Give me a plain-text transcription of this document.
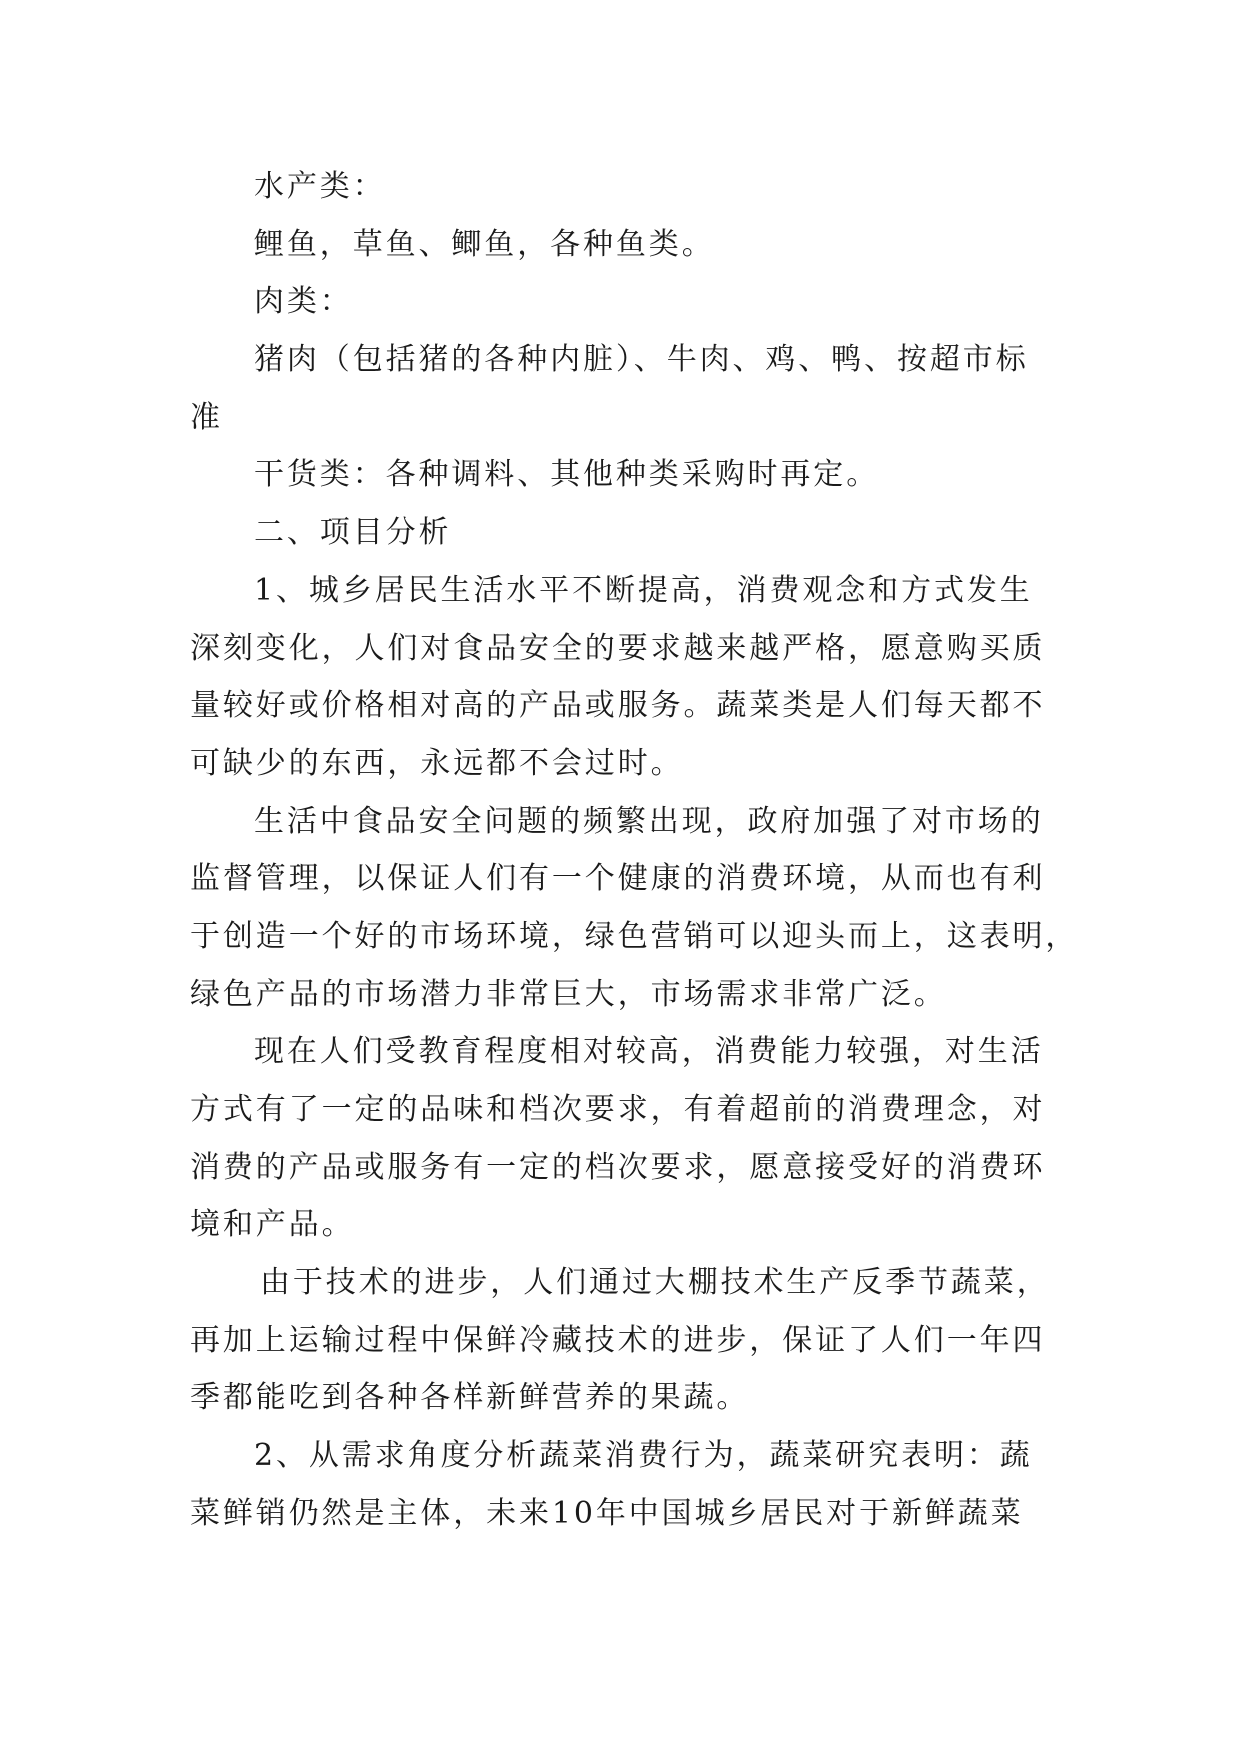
水产类：
鲤鱼，草鱼、鲫鱼，各种鱼类。
肉类：
猪肉（包括猪的各种内脏）、牛肉、鸡、鸭、按超市标
准
干货类：各种调料、其他种类采购时再定。
二、项目分析
1、城乡居民生活水平不断提高，消费观念和方式发生
深刻变化，人们对食品安全的要求越来越严格，愿意购买质
量较好或价格相对高的产品或服务。蔬菜类是人们每天都不
可缺少的东西，永远都不会过时。
生活中食品安全问题的频繁出现，政府加强了对市场的
监督管理，以保证人们有一个健康的消费环境，从而也有利
于创造一个好的市场环境，绿色营销可以迎头而上，这表明，
绿色产品的市场潜力非常巨大，市场需求非常广泛。
现在人们受教育程度相对较高，消费能力较强，对生活
方式有了一定的品味和档次要求，有着超前的消费理念，对
消费的产品或服务有一定的档次要求，愿意接受好的消费环
境和产品。
由于技术的进步，人们通过大棚技术生产反季节蔬菜，
再加上运输过程中保鲜冷藏技术的进步，保证了人们一年四
季都能吃到各种各样新鲜营养的果蔬。
2、从需求角度分析蔬菜消费行为，蔬菜研究表明：蔬
菜鲜销仍然是主体，未来10年中国城乡居民对于新鲜蔬菜
